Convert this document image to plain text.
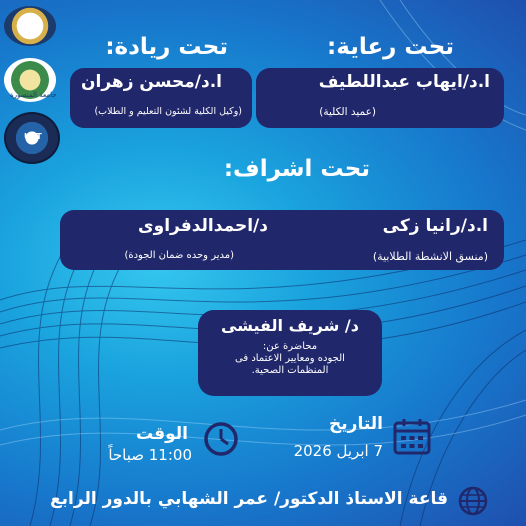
جامعة المنصورة
UST
تحت رعاية:
تحت ريادة:
ا.د/ايهاب عبداللطيف
(عميد الكلية)
ا.د/محسن زهران
(وكيل الكلية لشئون التعليم و الطلاب)
تحت اشراف:
ا.د/رانيا زكى
(منسق الانشطة الطلابية)
د/احمدالدفراوى
(مدير وحده ضمان الجودة)
د/ شريف الفيشى
محاضرة عن:
الجوده ومعايير الاعتماد فى
المنظمات الصحية.
التاريخ
7 ابريل 2026
الوقت
11:00 صباحاً
قاعة الاستاذ الدكتور/ عمر الشهابي بالدور الرابع
